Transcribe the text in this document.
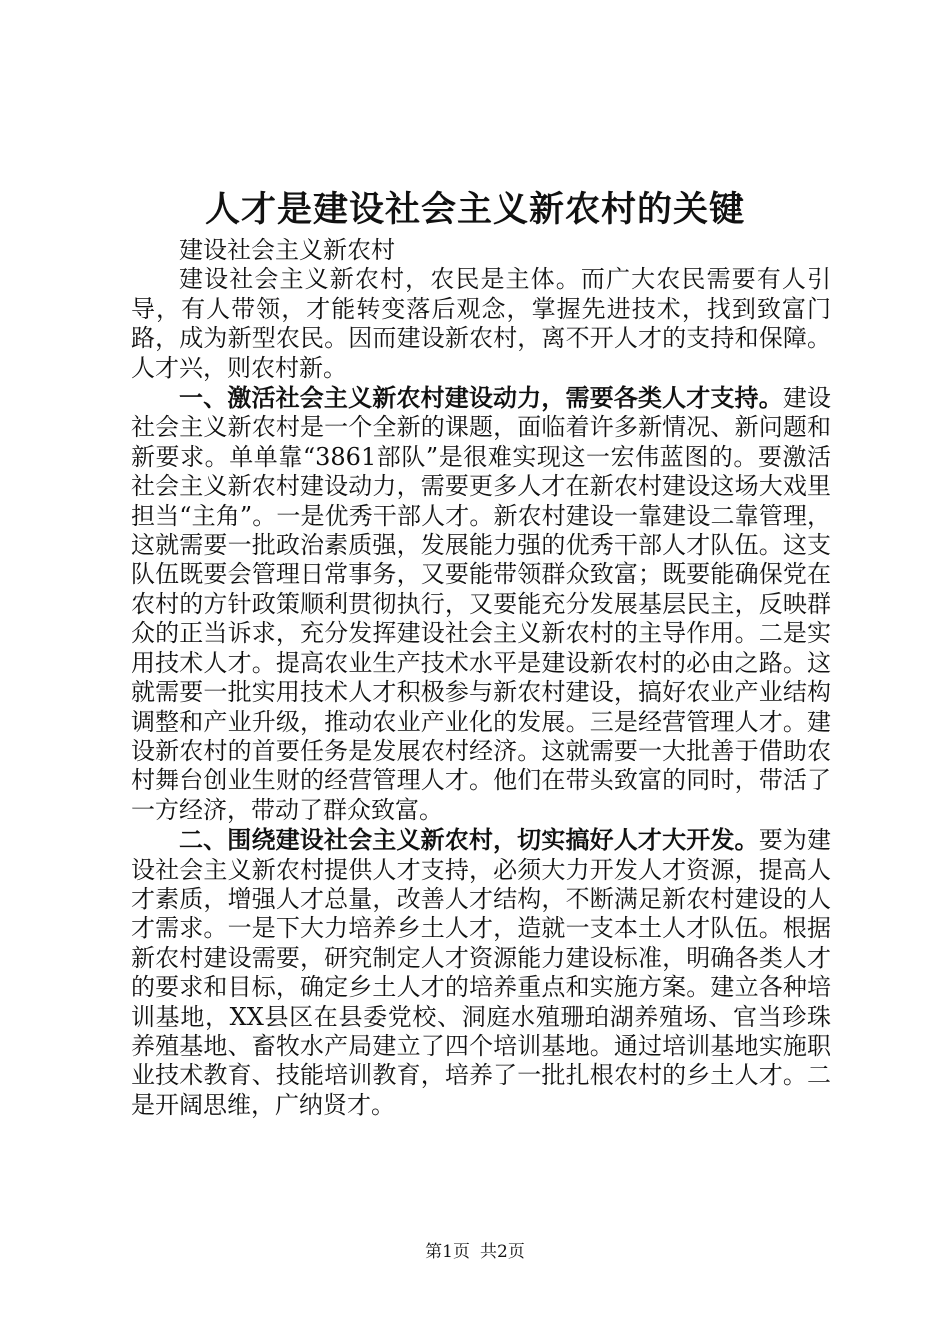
人才是建设社会主义新农村的关键

建设社会主义新农村

建设社会主义新农村，农民是主体。而广大农民需要有人引导，有人带领，才能转变落后观念，掌握先进技术，找到致富门路，成为新型农民。因而建设新农村，离不开人才的支持和保障。人才兴，则农村新。

一、激活社会主义新农村建设动力，需要各类人才支持。建设社会主义新农村是一个全新的课题，面临着许多新情况、新问题和新要求。单单靠“3861部队”是很难实现这一宏伟蓝图的。要激活社会主义新农村建设动力，需要更多人才在新农村建设这场大戏里担当“主角”。一是优秀干部人才。新农村建设一靠建设二靠管理，这就需要一批政治素质强，发展能力强的优秀干部人才队伍。这支队伍既要会管理日常事务，又要能带领群众致富；既要能确保党在农村的方针政策顺利贯彻执行，又要能充分发展基层民主，反映群众的正当诉求，充分发挥建设社会主义新农村的主导作用。二是实用技术人才。提高农业生产技术水平是建设新农村的必由之路。这就需要一批实用技术人才积极参与新农村建设，搞好农业产业结构调整和产业升级，推动农业产业化的发展。三是经营管理人才。建设新农村的首要任务是发展农村经济。这就需要一大批善于借助农村舞台创业生财的经营管理人才。他们在带头致富的同时，带活了一方经济，带动了群众致富。

二、围绕建设社会主义新农村，切实搞好人才大开发。要为建设社会主义新农村提供人才支持，必须大力开发人才资源，提高人才素质，增强人才总量，改善人才结构，不断满足新农村建设的人才需求。一是下大力培养乡土人才，造就一支本土人才队伍。根据新农村建设需要，研究制定人才资源能力建设标准，明确各类人才的要求和目标，确定乡土人才的培养重点和实施方案。建立各种培训基地，XX县区在县委党校、洞庭水殖珊珀湖养殖场、官当珍珠养殖基地、畜牧水产局建立了四个培训基地。通过培训基地实施职业技术教育、技能培训教育，培养了一批扎根农村的乡土人才。二是开阔思维，广纳贤才。

第1页 共2页
